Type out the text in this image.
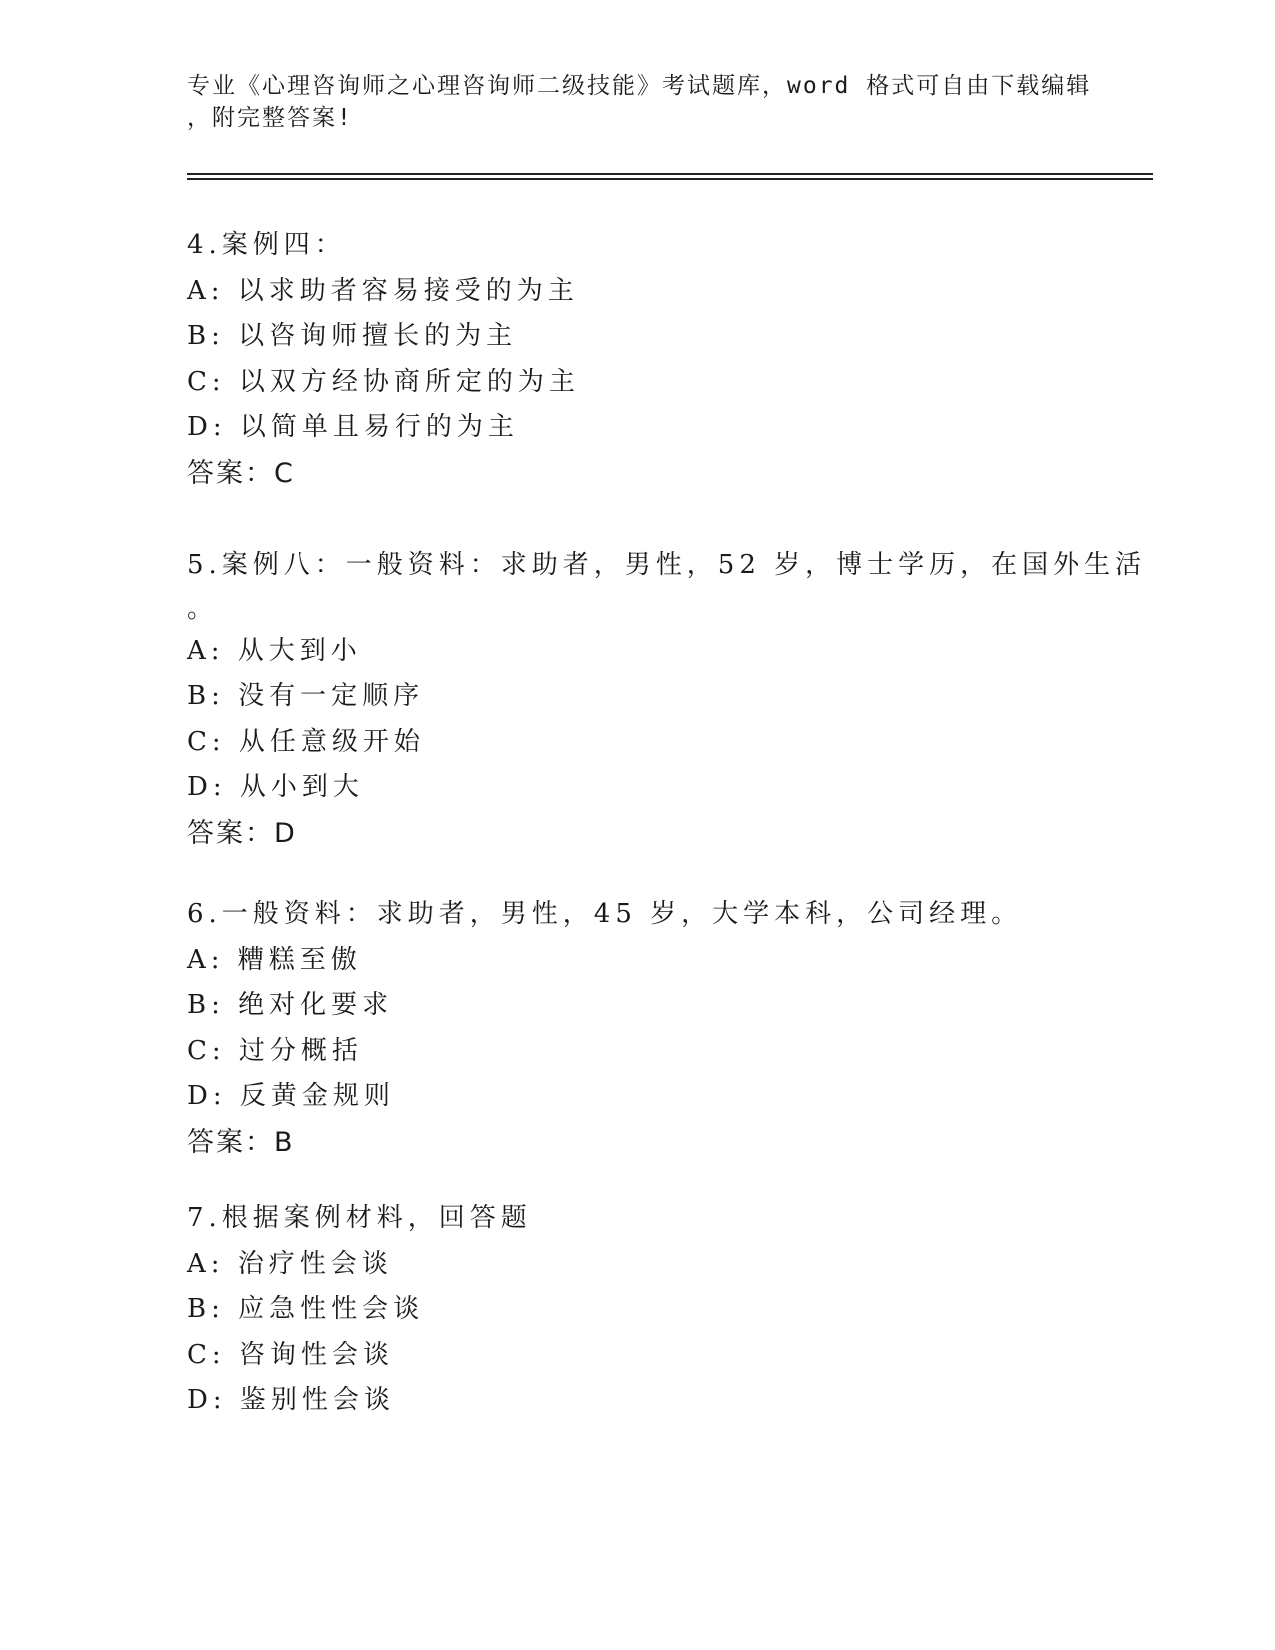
专业《心理咨询师之心理咨询师二级技能》考试题库，word 格式可自由下载编辑
，附完整答案!
4.案例四：
A: 以求助者容易接受的为主
B: 以咨询师擅长的为主
C: 以双方经协商所定的为主
D: 以简单且易行的为主
答案：C
5.案例八：一般资料：求助者，男性，52 岁，博士学历，在国外生活
。
A: 从大到小
B: 没有一定顺序
C: 从任意级开始
D: 从小到大
答案：D
6.一般资料：求助者，男性，45 岁，大学本科，公司经理。
A: 糟糕至傲
B: 绝对化要求
C: 过分概括
D: 反黄金规则
答案：B
7.根据案例材料，回答题
A: 治疗性会谈
B: 应急性性会谈
C: 咨询性会谈
D: 鉴别性会谈
